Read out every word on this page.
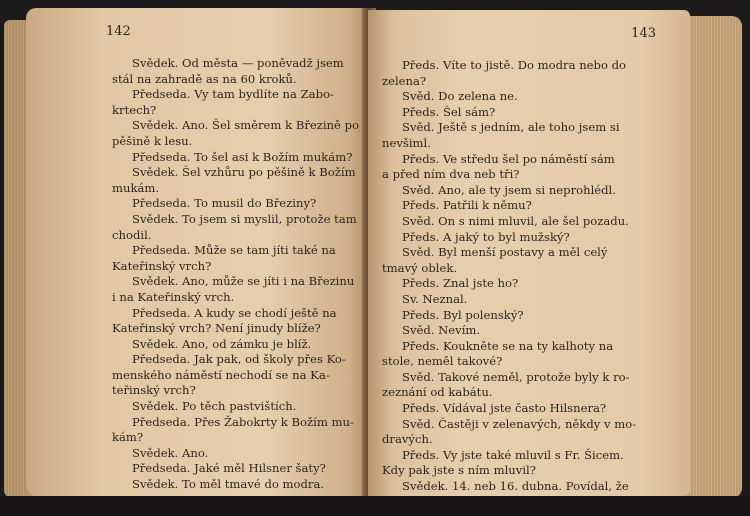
142
Svědek. Od města — poněvadž jsem
stál na zahradě as na 60 kroků.
Předseda. Vy tam bydlíte na Zabo-
krtech?
Svědek. Ano. Šel směrem k Březině po
pěšině k lesu.
Předseda. To šel asi k Božím mukám?
Svědek. Šel vzhůru po pěšině k Božím
mukám.
Předseda. To musil do Březiny?
Svědek. To jsem si myslil, protože tam
chodil.
Předseda. Může se tam jíti také na
Kateřinský vrch?
Svědek. Ano, může se jíti i na Březinu
i na Kateřinský vrch.
Předseda. A kudy se chodí ještě na
Kateřinský vrch? Není jinudy blíže?
Svědek. Ano, od zámku je blíž.
Předseda. Jak pak, od školy přes Ko-
menského náměstí nechodí se na Ka-
teřinský vrch?
Svědek. Po těch pastvištích.
Předseda. Přes Žabokrty k Božím mu-
kám?
Svědek. Ano.
Předseda. Jaké měl Hilsner šaty?
Svědek. To měl tmavé do modra.
143
Předs. Víte to jistě. Do modra nebo do
zelena?
Svěd. Do zelena ne.
Předs. Šel sám?
Svěd. Ještě s jedním, ale toho jsem si
nevšiml.
Předs. Ve středu šel po náměstí sám
a před ním dva neb tři?
Svěd. Ano, ale ty jsem si neprohlédl.
Předs. Patřili k němu?
Svěd. On s nimi mluvil, ale šel pozadu.
Předs. A jaký to byl mužský?
Svěd. Byl menší postavy a měl celý
tmavý oblek.
Předs. Znal jste ho?
Sv. Neznal.
Předs. Byl polenský?
Svěd. Nevím.
Předs. Koukněte se na ty kalhoty na
stole, neměl takové?
Svěd. Takové neměl, protože byly k ro-
zeznání od kabátu.
Předs. Vídával jste často Hilsnera?
Svěd. Častěji v zelenavých, někdy v mo-
dravých.
Předs. Vy jste také mluvil s Fr. Šicem.
Kdy pak jste s ním mluvil?
Svědek. 14. neb 16. dubna. Povídal, že
